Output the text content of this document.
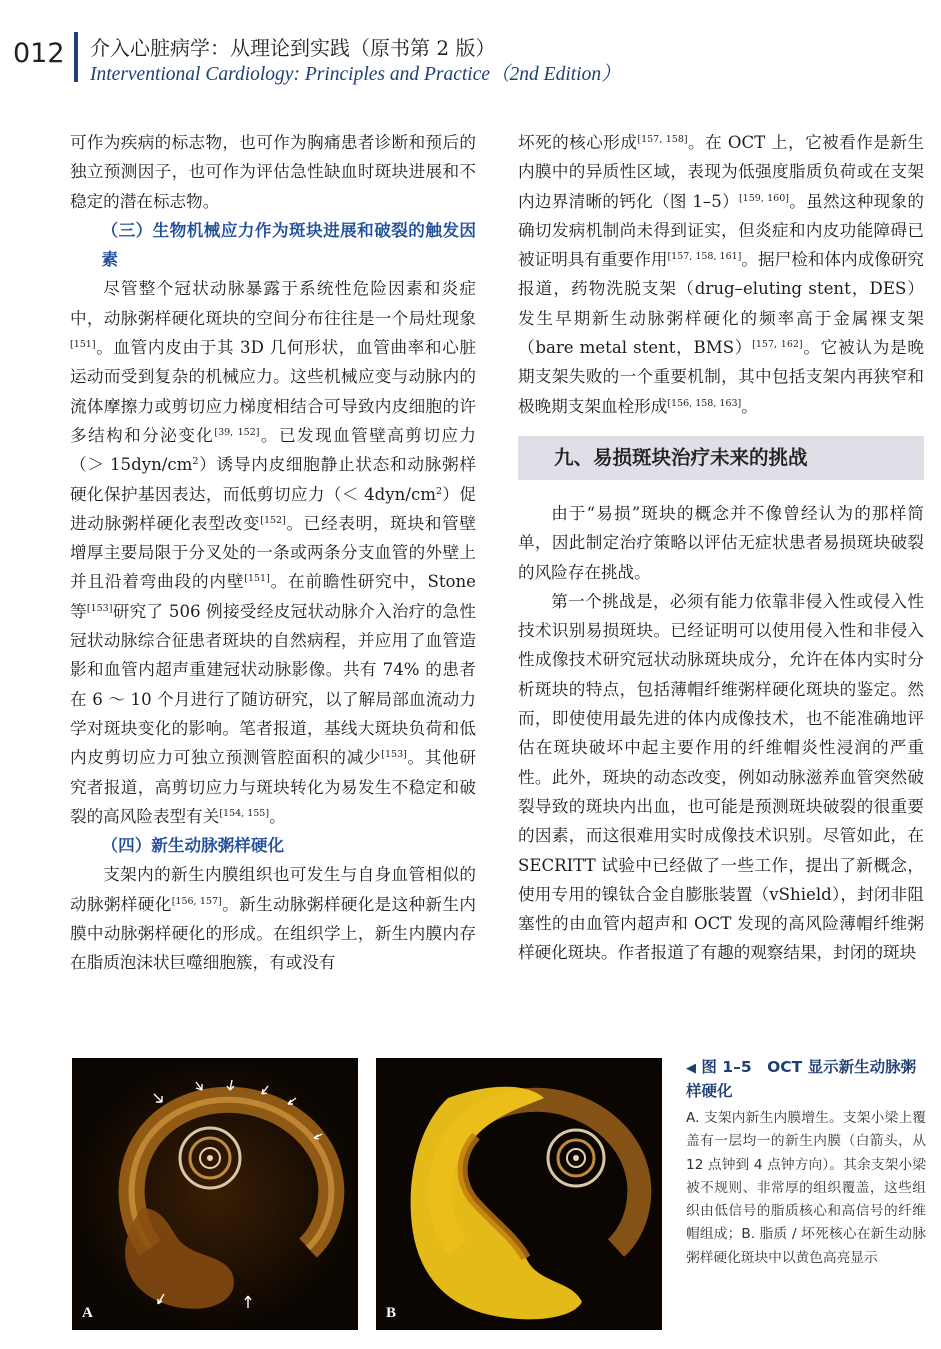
012 介入心脏病学：从理论到实践（原书第 2 版）
Interventional Cardiology: Principles and Practice（2nd Edition）

可作为疾病的标志物，也可作为胸痛患者诊断和预后的独立预测因子，也可作为评估急性缺血时斑块进展和不稳定的潜在标志物。

（三）生物机械应力作为斑块进展和破裂的触发因素

尽管整个冠状动脉暴露于系统性危险因素和炎症中，动脉粥样硬化斑块的空间分布往往是一个局灶现象[151]。血管内皮由于其 3D 几何形状，血管曲率和心脏运动而受到复杂的机械应力。这些机械应变与动脉内的流体摩擦力或剪切应力梯度相结合可导致内皮细胞的许多结构和分泌变化[39, 152]。已发现血管壁高剪切应力（＞ $15dyn/cm^2$）诱导内皮细胞静止状态和动脉粥样硬化保护基因表达，而低剪切应力（＜ $4dyn/cm^2$）促进动脉粥样硬化表型改变[152]。已经表明，斑块和管壁增厚主要局限于分叉处的一条或两条分支血管的外壁上并且沿着弯曲段的内壁[151]。在前瞻性研究中，Stone 等[153]研究了 506 例接受经皮冠状动脉介入治疗的急性冠状动脉综合征患者斑块的自然病程，并应用了血管造影和血管内超声重建冠状动脉影像。共有 74% 的患者在 6 ～ 10 个月进行了随访研究，以了解局部血流动力学对斑块变化的影响。笔者报道，基线大斑块负荷和低内皮剪切应力可独立预测管腔面积的减少[153]。其他研究者报道，高剪切应力与斑块转化为易发生不稳定和破裂的高风险表型有关[154, 155]。

（四）新生动脉粥样硬化

支架内的新生内膜组织也可发生与自身血管相似的动脉粥样硬化[156, 157]。新生动脉粥样硬化是这种新生内膜中动脉粥样硬化的形成。在组织学上，新生内膜内存在脂质泡沫状巨噬细胞簇，有或没有

坏死的核心形成[157, 158]。在 OCT 上，它被看作是新生内膜中的异质性区域，表现为低强度脂质负荷或在支架内边界清晰的钙化（图 1–5）[159, 160]。虽然这种现象的确切发病机制尚未得到证实，但炎症和内皮功能障碍已被证明具有重要作用[157, 158, 161]。据尸检和体内成像研究报道，药物洗脱支架（drug–eluting stent，DES）发生早期新生动脉粥样硬化的频率高于金属裸支架（bare metal stent，BMS）[157, 162]。它被认为是晚期支架失败的一个重要机制，其中包括支架内再狭窄和极晚期支架血栓形成[156, 158, 163]。

九、易损斑块治疗未来的挑战

由于“易损”斑块的概念并不像曾经认为的那样简单，因此制定治疗策略以评估无症状患者易损斑块破裂的风险存在挑战。

第一个挑战是，必须有能力依靠非侵入性或侵入性技术识别易损斑块。已经证明可以使用侵入性和非侵入性成像技术研究冠状动脉斑块成分，允许在体内实时分析斑块的特点，包括薄帽纤维粥样硬化斑块的鉴定。然而，即使使用最先进的体内成像技术，也不能准确地评估在斑块破坏中起主要作用的纤维帽炎性浸润的严重性。此外，斑块的动态改变，例如动脉滋养血管突然破裂导致的斑块内出血，也可能是预测斑块破裂的很重要的因素，而这很难用实时成像技术识别。尽管如此，在 SECRITT 试验中已经做了一些工作，提出了新概念，使用专用的镍钛合金自膨胀装置（vShield），封闭非阻塞性的由血管内超声和 OCT 发现的高风险薄帽纤维粥样硬化斑块。作者报道了有趣的观察结果，封闭的斑块

A	B
◀ 图 1–5　OCT 显示新生动脉粥样硬化
A. 支架内新生内膜增生。支架小梁上覆盖有一层均一的新生内膜（白箭头，从 12 点钟到 4 点钟方向）。其余支架小梁被不规则、非常厚的组织覆盖，这些组织由低信号的脂质核心和高信号的纤维帽组成；B. 脂质 / 坏死核心在新生动脉粥样硬化斑块中以黄色高亮显示
